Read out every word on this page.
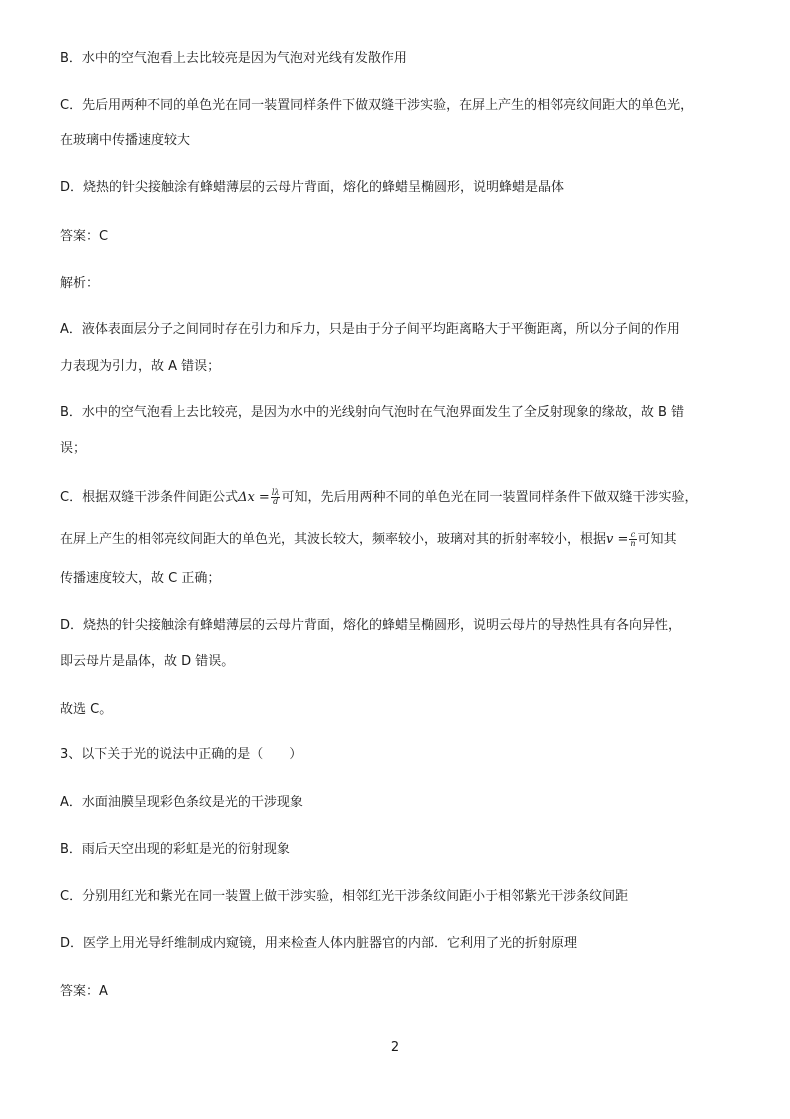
B．水中的空气泡看上去比较亮是因为气泡对光线有发散作用

C．先后用两种不同的单色光在同一装置同样条件下做双缝干涉实验，在屏上产生的相邻亮纹间距大的单色光，

在玻璃中传播速度较大

D．烧热的针尖接触涂有蜂蜡薄层的云母片背面，熔化的蜂蜡呈椭圆形，说明蜂蜡是晶体

答案：C

解析：

A．液体表面层分子之间同时存在引力和斥力，只是由于分子间平均距离略大于平衡距离，所以分子间的作用

力表现为引力，故 A 错误；

B．水中的空气泡看上去比较亮，是因为水中的光线射向气泡时在气泡界面发生了全反射现象的缘故，故 B 错

误；

C．根据双缝干涉条件间距公式$\Delta x = \frac{l\lambda}{d}$ 可知，先后用两种不同的单色光在同一装置同样条件下做双缝干涉实验，

在屏上产生的相邻亮纹间距大的单色光，其波长较大，频率较小，玻璃对其的折射率较小，根据$v = \frac{c}{n}$ 可知其

传播速度较大，故 C 正确；

D．烧热的针尖接触涂有蜂蜡薄层的云母片背面，熔化的蜂蜡呈椭圆形，说明云母片的导热性具有各向异性，

即云母片是晶体，故 D 错误。

故选 C。

3、以下关于光的说法中正确的是（　　）

A．水面油膜呈现彩色条纹是光的干涉现象

B．雨后天空出现的彩虹是光的衍射现象

C．分别用红光和紫光在同一装置上做干涉实验，相邻红光干涉条纹间距小于相邻紫光干涉条纹间距

D．医学上用光导纤维制成内窥镜，用来检查人体内脏器官的内部．它利用了光的折射原理

答案：A

2
